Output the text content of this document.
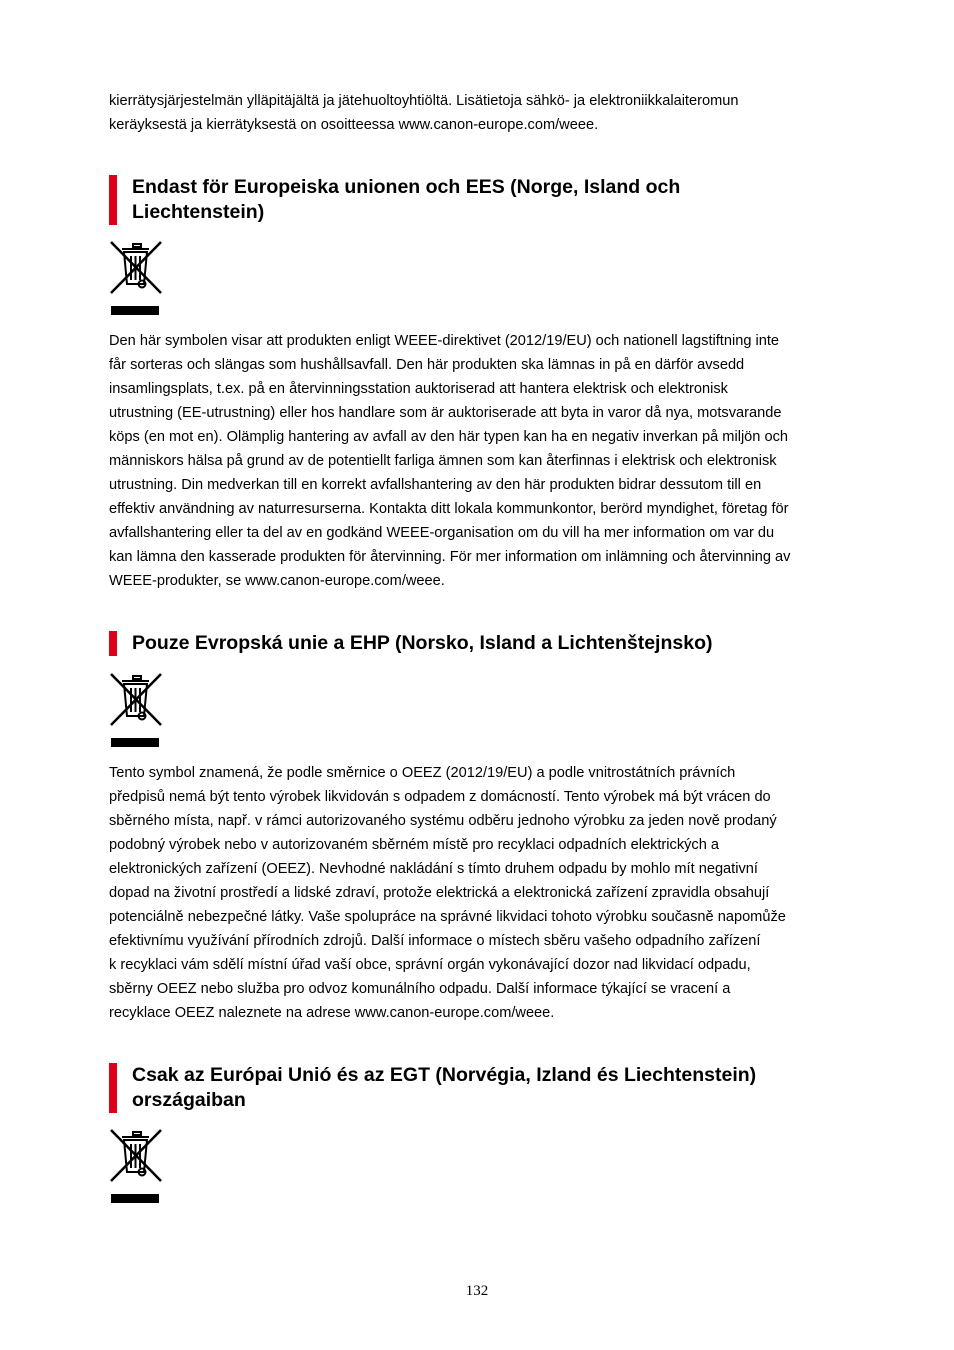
kierrätysjärjestelmän ylläpitäjältä ja jätehuoltoyhtiöltä. Lisätietoja sähkö- ja elektroniikkalaiteromun
keräyksestä ja kierrätyksestä on osoitteessa www.canon-europe.com/weee.

Endast för Europeiska unionen och EES (Norge, Island och
Liechtenstein)

Den här symbolen visar att produkten enligt WEEE-direktivet (2012/19/EU) och nationell lagstiftning inte
får sorteras och slängas som hushållsavfall. Den här produkten ska lämnas in på en därför avsedd
insamlingsplats, t.ex. på en återvinningsstation auktoriserad att hantera elektrisk och elektronisk
utrustning (EE-utrustning) eller hos handlare som är auktoriserade att byta in varor då nya, motsvarande
köps (en mot en). Olämplig hantering av avfall av den här typen kan ha en negativ inverkan på miljön och
människors hälsa på grund av de potentiellt farliga ämnen som kan återfinnas i elektrisk och elektronisk
utrustning. Din medverkan till en korrekt avfallshantering av den här produkten bidrar dessutom till en
effektiv användning av naturresurserna. Kontakta ditt lokala kommunkontor, berörd myndighet, företag för
avfallshantering eller ta del av en godkänd WEEE-organisation om du vill ha mer information om var du
kan lämna den kasserade produkten för återvinning. För mer information om inlämning och återvinning av
WEEE-produkter, se www.canon-europe.com/weee.

Pouze Evropská unie a EHP (Norsko, Island a Lichtenštejnsko)

Tento symbol znamená, že podle směrnice o OEEZ (2012/19/EU) a podle vnitrostátních právních
předpisů nemá být tento výrobek likvidován s odpadem z domácností. Tento výrobek má být vrácen do
sběrného místa, např. v rámci autorizovaného systému odběru jednoho výrobku za jeden nově prodaný
podobný výrobek nebo v autorizovaném sběrném místě pro recyklaci odpadních elektrických a
elektronických zařízení (OEEZ). Nevhodné nakládání s tímto druhem odpadu by mohlo mít negativní
dopad na životní prostředí a lidské zdraví, protože elektrická a elektronická zařízení zpravidla obsahují
potenciálně nebezpečné látky. Vaše spolupráce na správné likvidaci tohoto výrobku současně napomůže
efektivnímu využívání přírodních zdrojů. Další informace o místech sběru vašeho odpadního zařízení
k recyklaci vám sdělí místní úřad vaší obce, správní orgán vykonávající dozor nad likvidací odpadu,
sběrny OEEZ nebo služba pro odvoz komunálního odpadu. Další informace týkající se vracení a
recyklace OEEZ naleznete na adrese www.canon-europe.com/weee.

Csak az Európai Unió és az EGT (Norvégia, Izland és Liechtenstein)
országaiban
132
